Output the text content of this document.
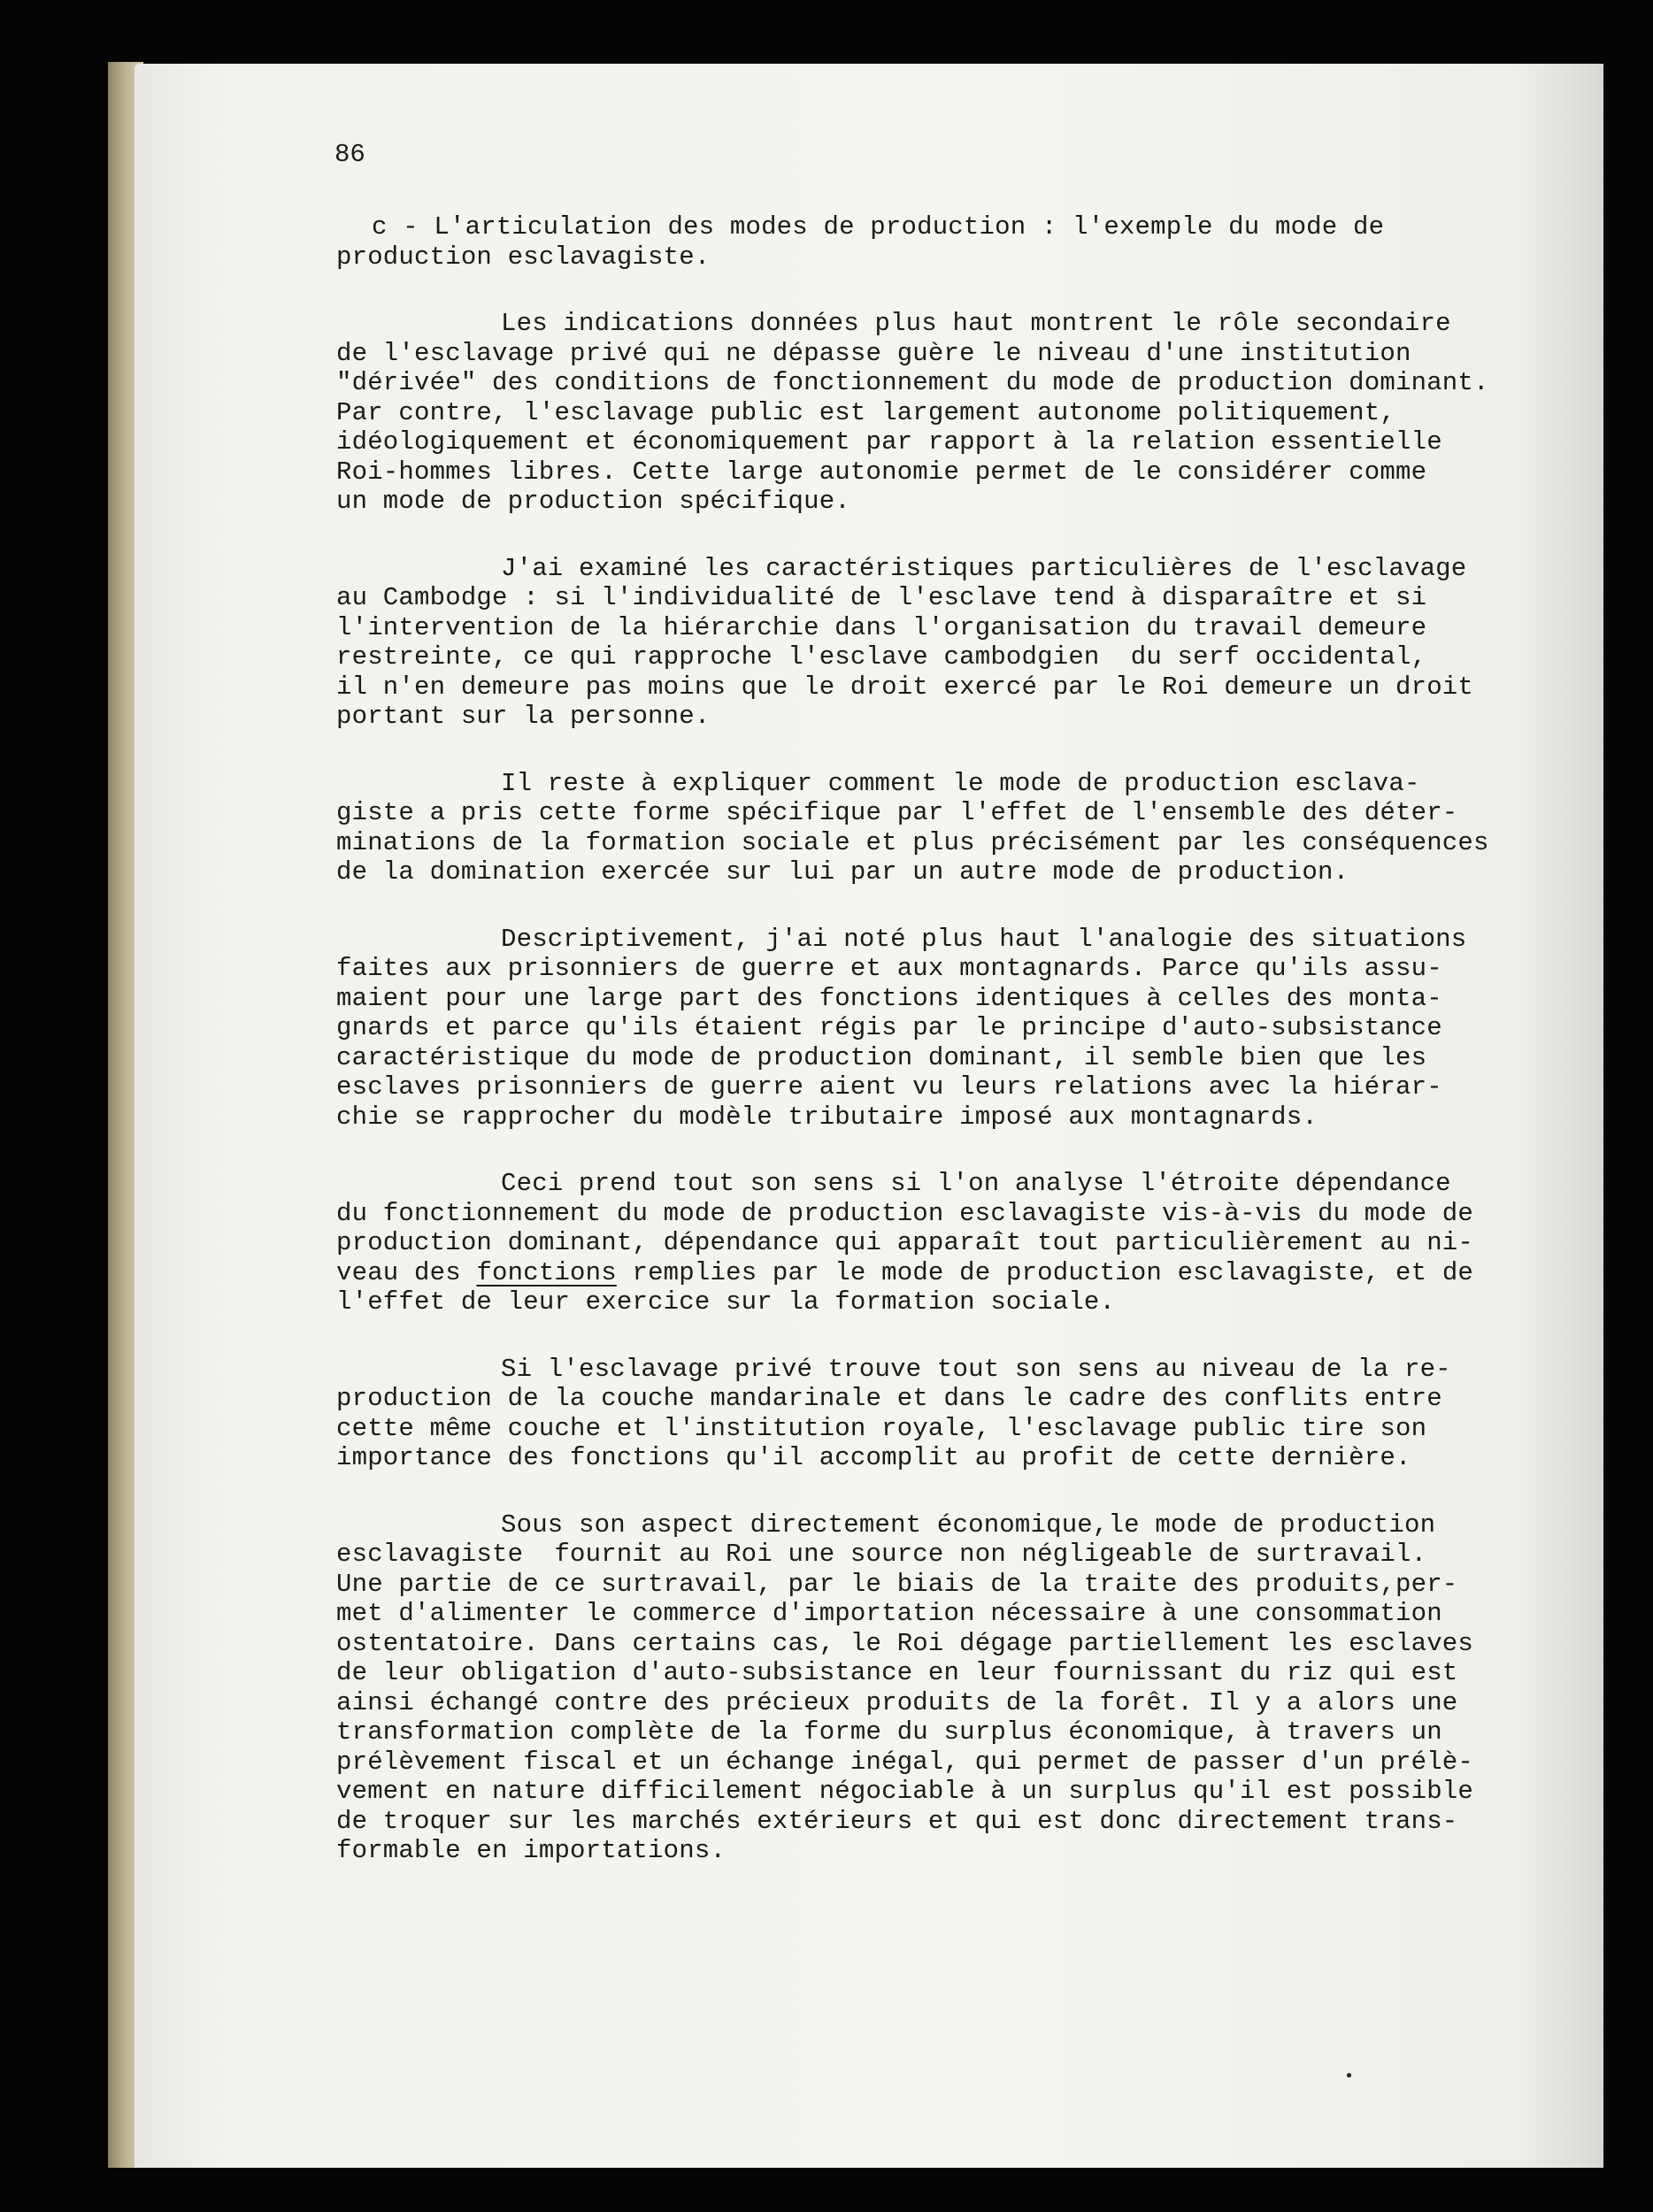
86
c - L'articulation des modes de production : l'exemple du mode de
production esclavagiste.
Les indications données plus haut montrent le rôle secondaire
de l'esclavage privé qui ne dépasse guère le niveau d'une institution
"dérivée" des conditions de fonctionnement du mode de production dominant.
Par contre, l'esclavage public est largement autonome politiquement,
idéologiquement et économiquement par rapport à la relation essentielle
Roi-hommes libres. Cette large autonomie permet de le considérer comme
un mode de production spécifique.
J'ai examiné les caractéristiques particulières de l'esclavage
au Cambodge : si l'individualité de l'esclave tend à disparaître et si
l'intervention de la hiérarchie dans l'organisation du travail demeure
restreinte, ce qui rapproche l'esclave cambodgien  du serf occidental,
il n'en demeure pas moins que le droit exercé par le Roi demeure un droit
portant sur la personne.
Il reste à expliquer comment le mode de production esclava-
giste a pris cette forme spécifique par l'effet de l'ensemble des déter-
minations de la formation sociale et plus précisément par les conséquences
de la domination exercée sur lui par un autre mode de production.
Descriptivement, j'ai noté plus haut l'analogie des situations
faites aux prisonniers de guerre et aux montagnards. Parce qu'ils assu-
maient pour une large part des fonctions identiques à celles des monta-
gnards et parce qu'ils étaient régis par le principe d'auto-subsistance
caractéristique du mode de production dominant, il semble bien que les
esclaves prisonniers de guerre aient vu leurs relations avec la hiérar-
chie se rapprocher du modèle tributaire imposé aux montagnards.
Ceci prend tout son sens si l'on analyse l'étroite dépendance
du fonctionnement du mode de production esclavagiste vis-à-vis du mode de
production dominant, dépendance qui apparaît tout particulièrement au ni-
veau des fonctions remplies par le mode de production esclavagiste, et de
l'effet de leur exercice sur la formation sociale.
Si l'esclavage privé trouve tout son sens au niveau de la re-
production de la couche mandarinale et dans le cadre des conflits entre
cette même couche et l'institution royale, l'esclavage public tire son
importance des fonctions qu'il accomplit au profit de cette dernière.
Sous son aspect directement économique,le mode de production
esclavagiste  fournit au Roi une source non négligeable de surtravail.
Une partie de ce surtravail, par le biais de la traite des produits,per-
met d'alimenter le commerce d'importation nécessaire à une consommation
ostentatoire. Dans certains cas, le Roi dégage partiellement les esclaves
de leur obligation d'auto-subsistance en leur fournissant du riz qui est
ainsi échangé contre des précieux produits de la forêt. Il y a alors une
transformation complète de la forme du surplus économique, à travers un
prélèvement fiscal et un échange inégal, qui permet de passer d'un prélè-
vement en nature difficilement négociable à un surplus qu'il est possible
de troquer sur les marchés extérieurs et qui est donc directement trans-
formable en importations.
